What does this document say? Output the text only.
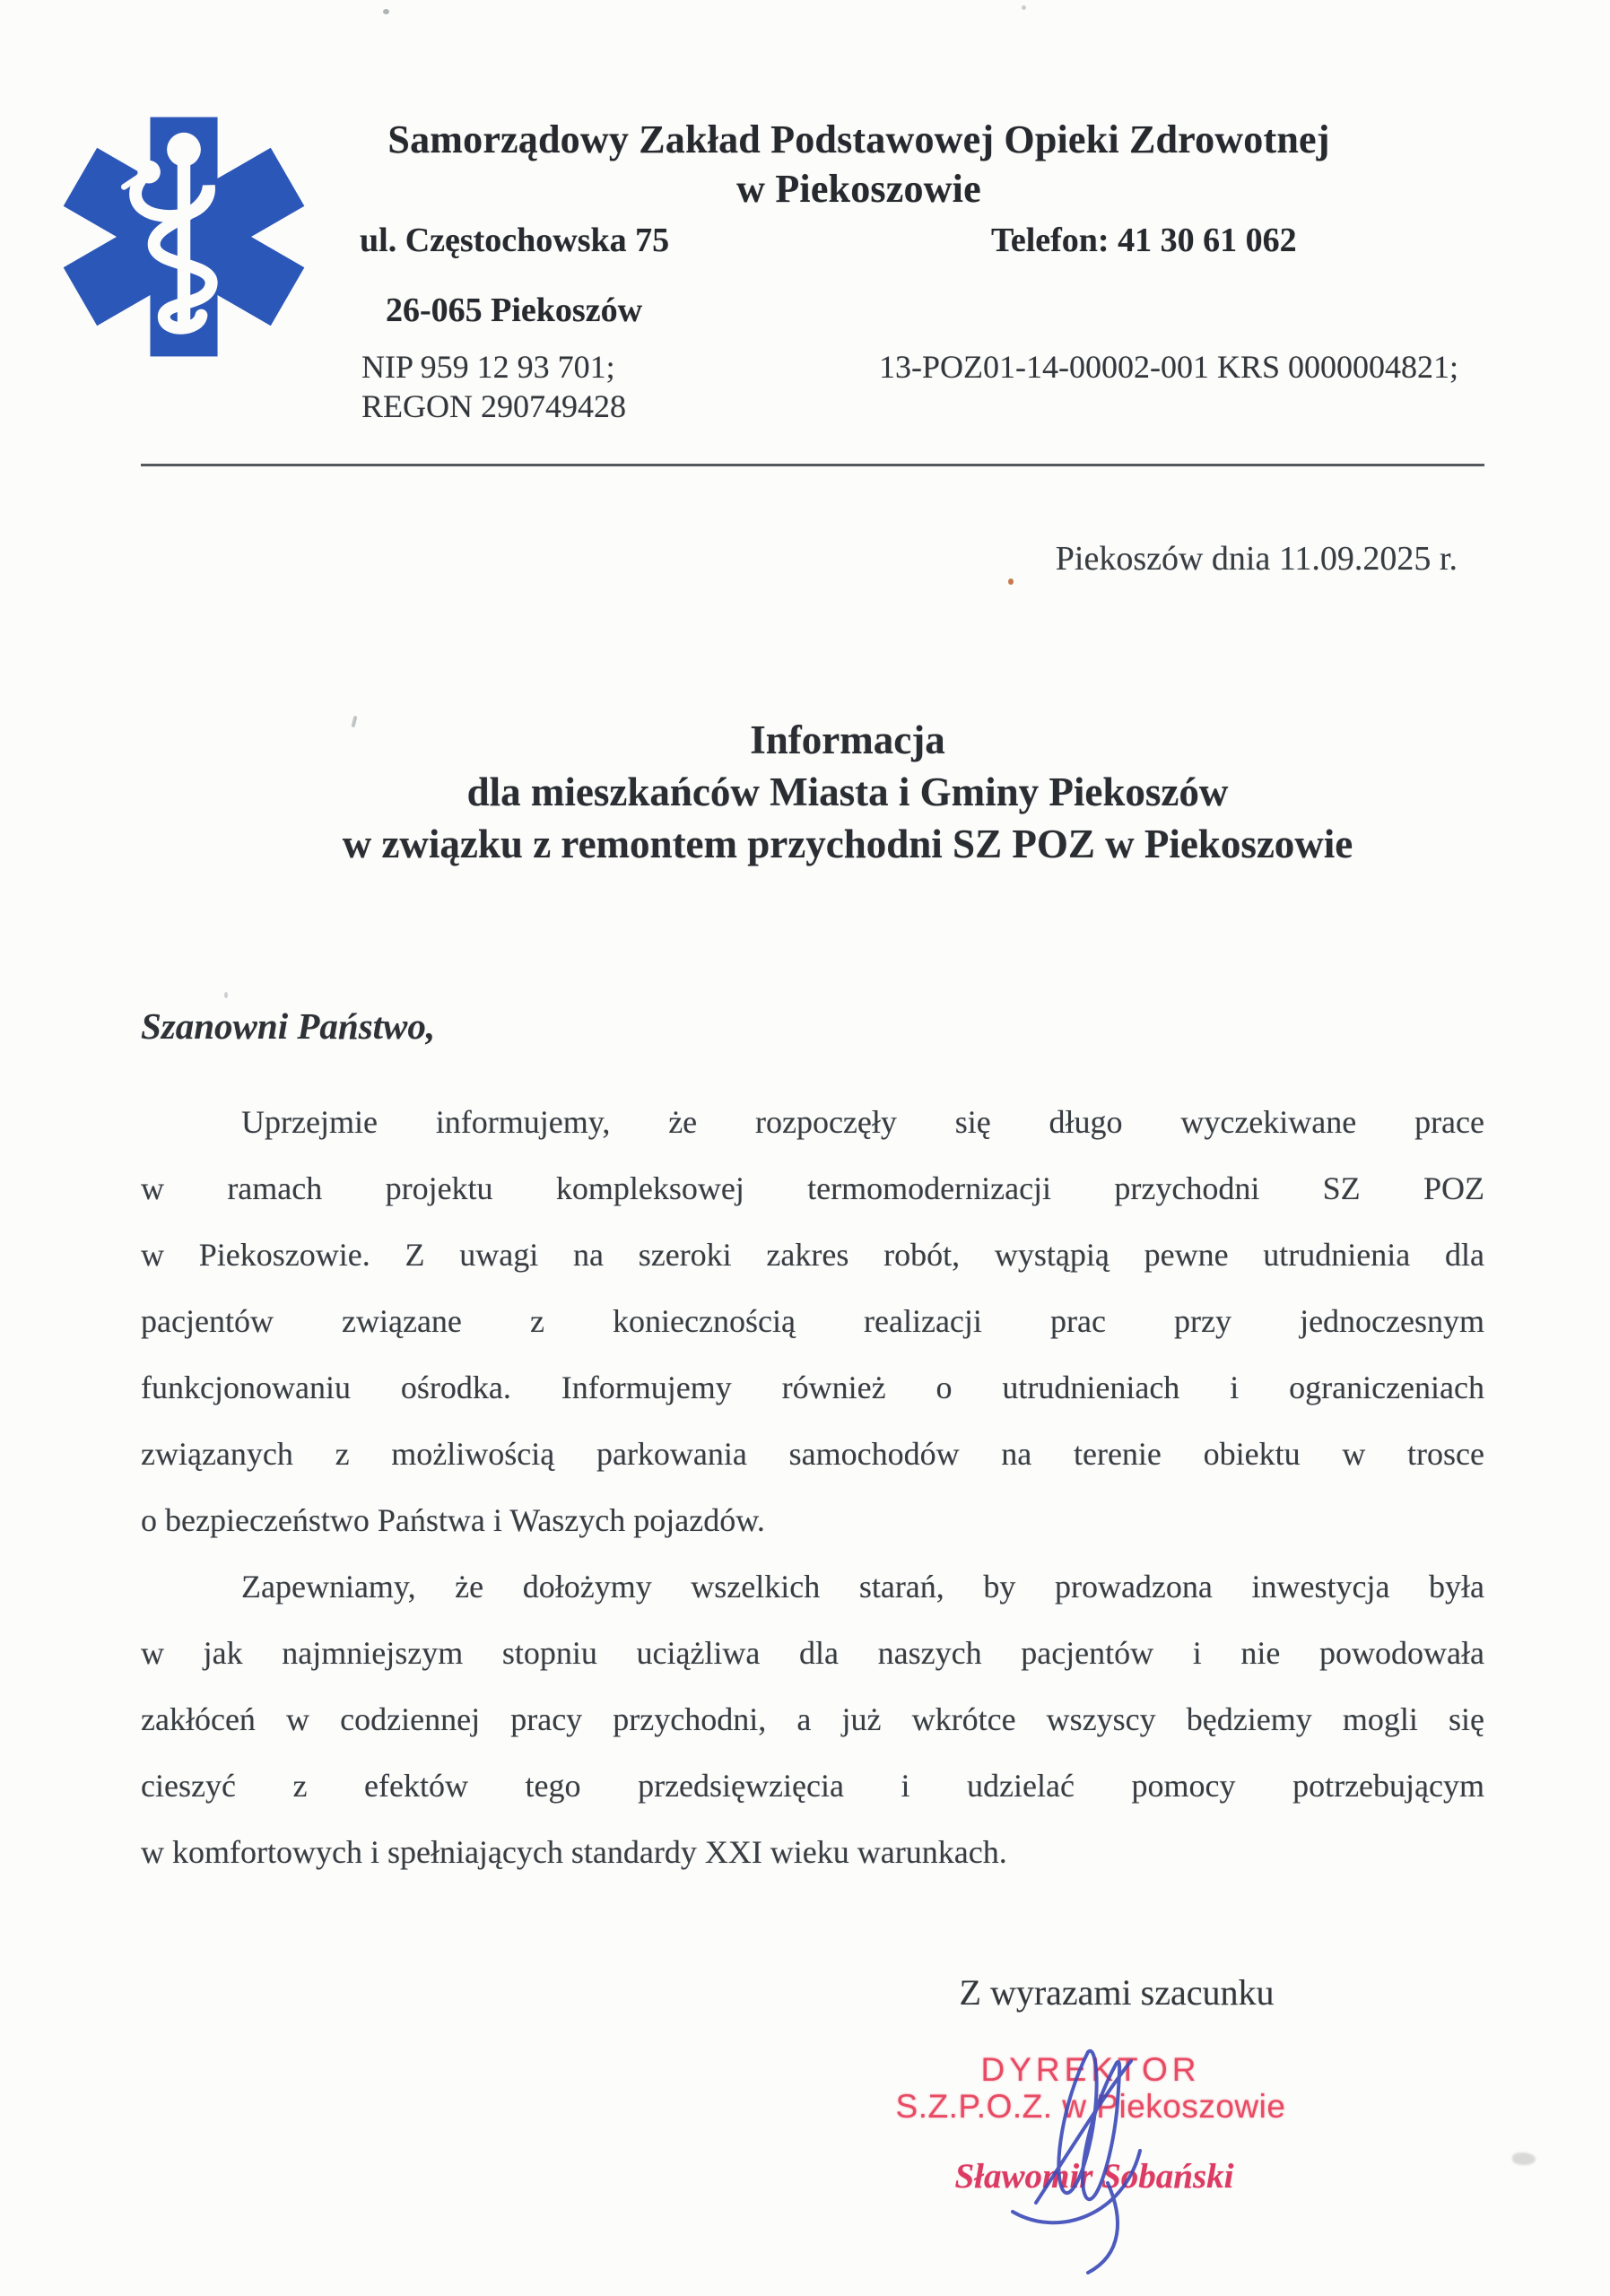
Samorządowy Zakład Podstawowej Opieki Zdrowotnej
w Piekoszowie
ul. Częstochowska 75	Telefon: 41 30 61 062
26-065 Piekoszów
NIP 959 12 93 701;	13-POZ01-14-00002-001 KRS 0000004821;
REGON 290749428
Piekoszów dnia 11.09.2025 r.
Informacja
dla mieszkańców Miasta i Gminy Piekoszów
w związku z remontem przychodni SZ POZ w Piekoszowie
Szanowni Państwo,
Uprzejmie informujemy, że rozpoczęły się długo wyczekiwane prace
w ramach projektu kompleksowej termomodernizacji przychodni SZ POZ
w Piekoszowie. Z uwagi na szeroki zakres robót, wystąpią pewne utrudnienia dla
pacjentów związane z koniecznością realizacji prac przy jednoczesnym
funkcjonowaniu ośrodka. Informujemy również o utrudnieniach i ograniczeniach
związanych z możliwością parkowania samochodów na terenie obiektu w trosce
o bezpieczeństwo Państwa i Waszych pojazdów.
Zapewniamy, że dołożymy wszelkich starań, by prowadzona inwestycja była
w jak najmniejszym stopniu uciążliwa dla naszych pacjentów i nie powodowała
zakłóceń w codziennej pracy przychodni, a już wkrótce wszyscy będziemy mogli się
cieszyć z efektów tego przedsięwzięcia i udzielać pomocy potrzebującym
w komfortowych i spełniających standardy XXI wieku warunkach.
Z wyrazami szacunku
DYREKTOR
S.Z.P.O.Z. w Piekoszowie
Sławomir Sobański
